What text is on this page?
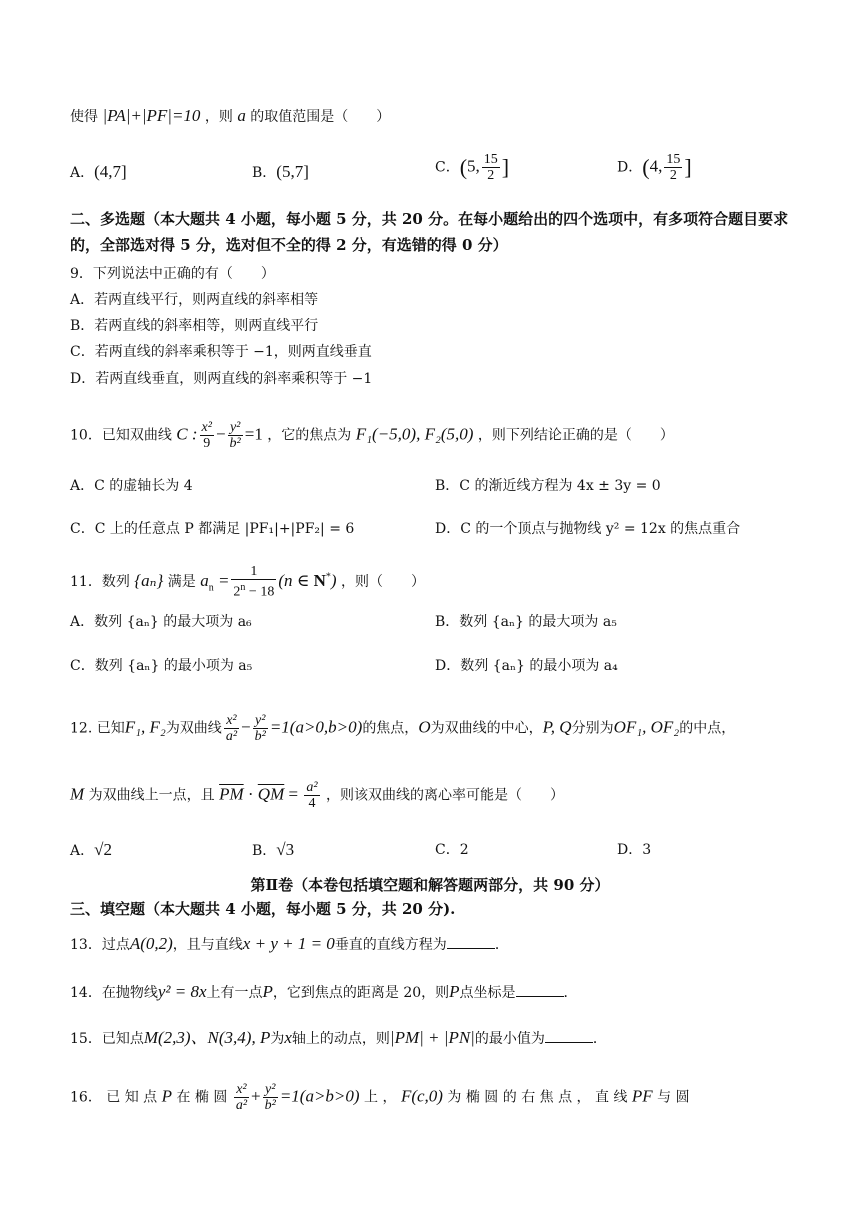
使得 |PA|+|PF|=10 ，则 a 的取值范围是（　　）
A．(4,7]	B．(5,7]	C．(5, $\frac{15}{2}$ ]	D．(4, $\frac{15}{2}$ ]
二、多选题（本大题共 4 小题，每小题 5 分，共 20 分。在每小题给出的四个选项中，有多项符合题目要求的，全部选对得 5 分，选对但不全的得 2 分，有选错的得 0 分）
9．下列说法中正确的有（　　）
A．若两直线平行，则两直线的斜率相等
B．若两直线的斜率相等，则两直线平行
C．若两直线的斜率乘积等于 −1，则两直线垂直
D．若两直线垂直，则两直线的斜率乘积等于 −1
10．已知双曲线 C : $\frac{\text{x²}}{9} - \frac{\text{y²}}{\text{b²}} =1$ ，它的焦点为 F₁(−5,0), F₂(5,0) ，则下列结论正确的是（　　）
A．C 的虚轴长为 4	B．C 的渐近线方程为 4x ± 3y = 0
C．C 上的任意点 P 都满足 |PF₁|+|PF₂| = 6	D．C 的一个顶点与抛物线 y² = 12x 的焦点重合
11．数列 {aₙ} 满是 $a_n = \frac{1}{2^n - 18} (n$ ∈ N*) ，则（　　）
A．数列 {aₙ} 的最大项为 a₆	B．数列 {aₙ} 的最大项为 a₅
C．数列 {aₙ} 的最小项为 a₅	D．数列 {aₙ} 的最小项为 a₄
12. 已知F₁, F₂为双曲线 $\frac{\text{x²}}{\text{a²}} - \frac{\text{y²}}{\text{b²}} =1(a>0,b>0)$的焦点，O为双曲线的中心，P, Q分别为OF₁, OF₂的中点，
M 为双曲线上一点，且 $\overline{PM} \cdot \overline{QM} = \frac{\text{a²}}{4}$ ，则该双曲线的离心率可能是（　　）
A．√2	B．√3	C．2	D．3
第Ⅱ卷（本卷包括填空题和解答题两部分，共 90 分）
三、填空题（本大题共 4 小题，每小题 5 分，共 20 分).
13．过点A(0,2)，且与直线x + y + 1 = 0垂直的直线方程为	．
14．在抛物线y² = 8x上有一点P，它到焦点的距离是 20，则P点坐标是	．
15．已知点M(2,3)、N(3,4), P为x轴上的动点，则|PM| + |PN|的最小值为	．
16． 已 知 点 P 在 椭 圆 $\frac{\text{x²}}{\text{a²}} + \frac{\text{y²}}{\text{b²}} =1(a>b>0)$ 上 ， F(c,0) 为 椭 圆 的 右 焦 点 ， 直 线 PF 与 圆
